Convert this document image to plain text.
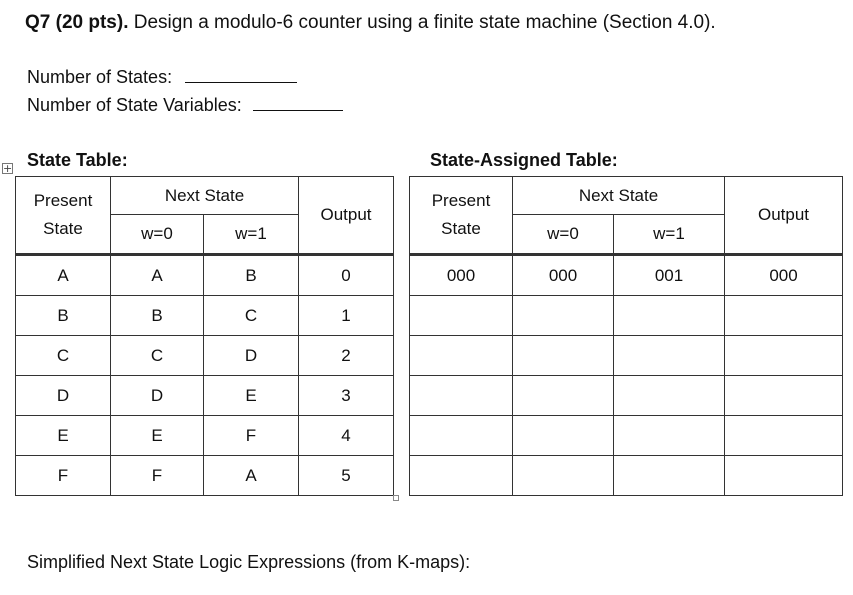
Q7 (20 pts). Design a modulo-6 counter using a finite state machine (Section 4.0).
Number of States:
Number of State Variables:
+ State Table:	State-Assigned Table:
Present
State	Next State		Output
	w=0	w=1	
A	A	B	0
B	B	C	1
C	C	D	2
D	D	E	3
E	E	F	4
F	F	A	5
Present
State	Next State		Output
	w=0	w=1	
000	000	001	000

Simplified Next State Logic Expressions (from K-maps):
